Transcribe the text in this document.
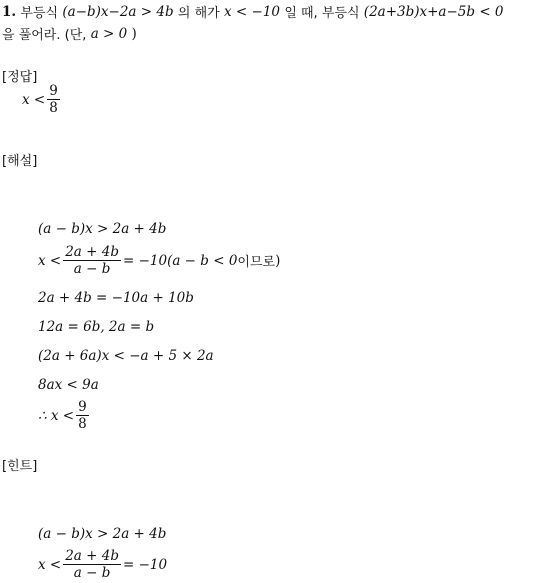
1.
부등식
(a−b)x−2a > 4b
의 해가
x < −10
일 때, 부등식
(2a+3b)x+a−5b < 0
을 풀어라. (단,
a > 0
)
[정답]
$x < \frac{9}{8}$
[해설]
(a − b)x > 2a + 4b
$x < \frac{2a + 4b}{a - b} = -10(a - b < 0$ 이므로 )
2a + 4b = −10a + 10b
12a = 6b, 2a = b
(2a + 6a)x < −a + 5 × 2a
8ax < 9a
∴ $x < \frac{9}{8}$
[힌트]
(a − b)x > 2a + 4b
$x < \frac{2a + 4b}{a - b} = -10$
